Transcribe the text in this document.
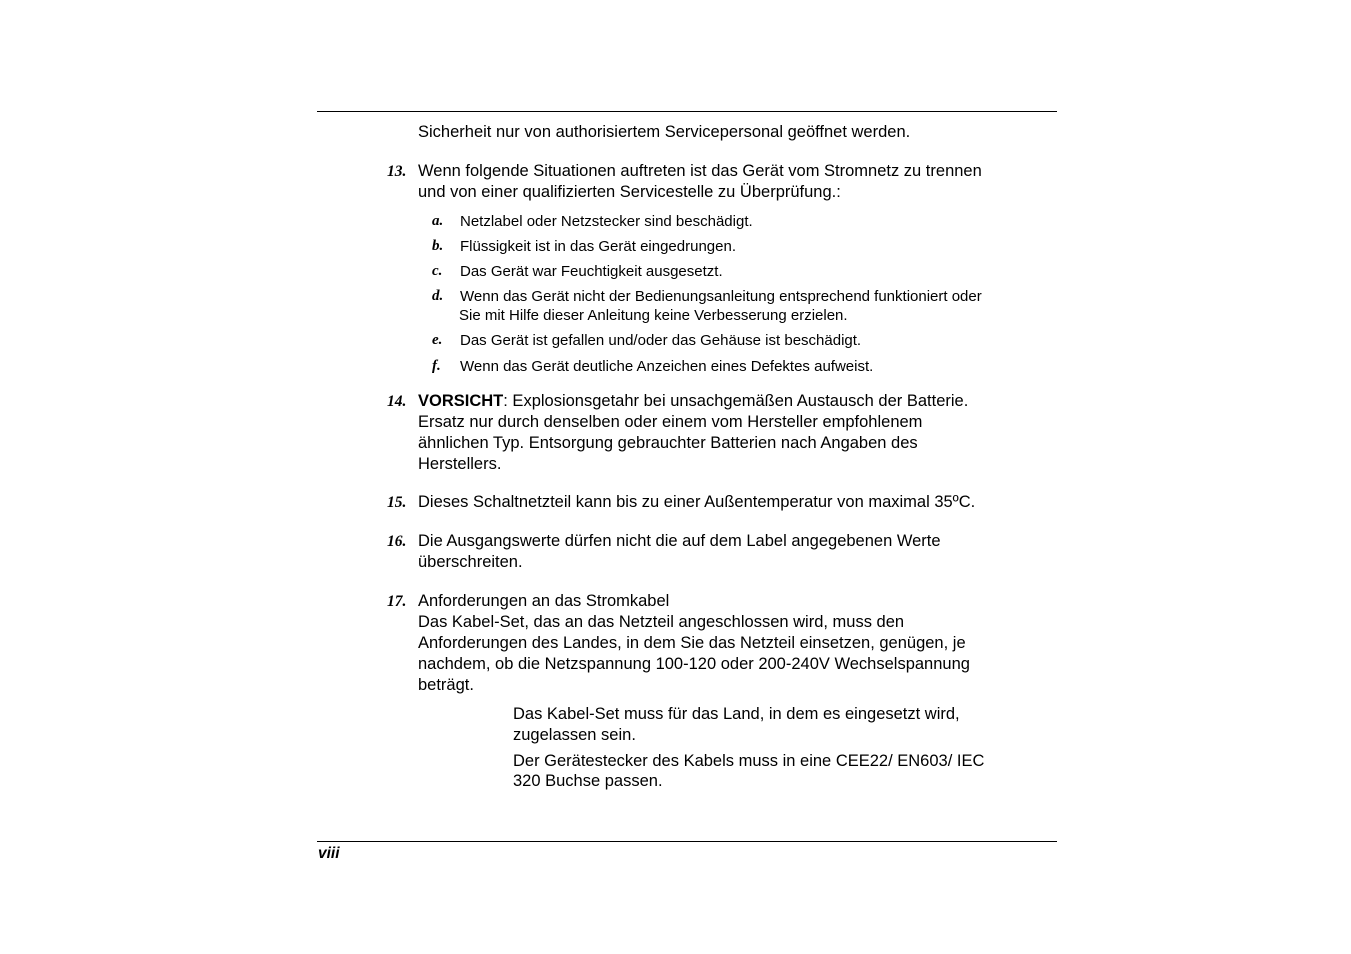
Sicherheit nur von authorisiertem Servicepersonal geöffnet werden.
13. Wenn folgende Situationen auftreten ist das Gerät vom Stromnetz zu trennen
und von einer qualifizierten Servicestelle zu Überprüfung.:
a. Netzlabel oder Netzstecker sind beschädigt.
b. Flüssigkeit ist in das Gerät eingedrungen.
c. Das Gerät war Feuchtigkeit ausgesetzt.
d. Wenn das Gerät nicht der Bedienungsanleitung entsprechend funktioniert oder
Sie mit Hilfe dieser Anleitung keine Verbesserung erzielen.
e. Das Gerät ist gefallen und/oder das Gehäuse ist beschädigt.
f. Wenn das Gerät deutliche Anzeichen eines Defektes aufweist.
14. VORSICHT: Explosionsgetahr bei unsachgemäßen Austausch der Batterie.
Ersatz nur durch denselben oder einem vom Hersteller empfohlenem
ähnlichen Typ. Entsorgung gebrauchter Batterien nach Angaben des
Herstellers.
15. Dieses Schaltnetzteil kann bis zu einer Außentemperatur von maximal 35ºC.
16. Die Ausgangswerte dürfen nicht die auf dem Label angegebenen Werte
überschreiten.
17. Anforderungen an das Stromkabel
Das Kabel-Set, das an das Netzteil angeschlossen wird, muss den
Anforderungen des Landes, in dem Sie das Netzteil einsetzen, genügen, je
nachdem, ob die Netzspannung 100-120 oder 200-240V Wechselspannung
beträgt.
Das Kabel-Set muss für das Land, in dem es eingesetzt wird,
zugelassen sein.
Der Gerätestecker des Kabels muss in eine CEE22/ EN603/ IEC
320 Buchse passen.
viii
